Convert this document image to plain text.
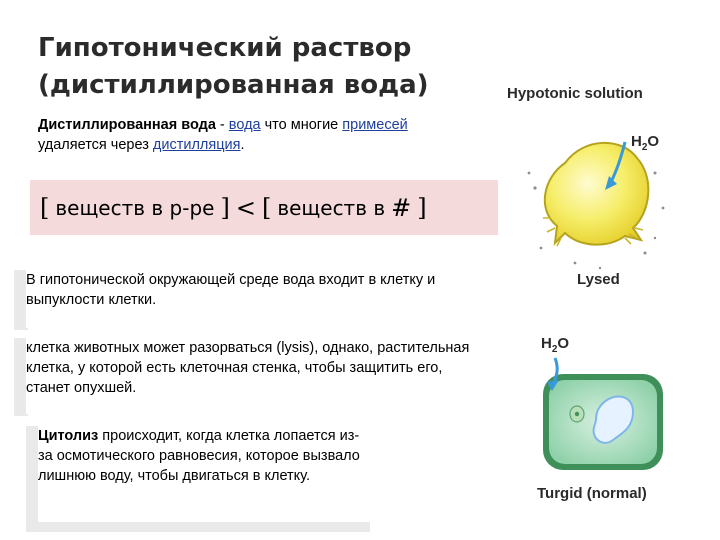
Гипотонический раствор (дистиллированная вода)
Дистиллированная вода - вода что многие примесей
удаляется через дистилляция.
[ веществ в р-ре ] < [ веществ в # ]
В гипотонической окружающей среде вода входит в клетку и выпуклости клетки.
клетка животных может разорваться (lysis), однако, растительная клетка, у которой есть клеточная стенка, чтобы защитить его, станет опухшей.
Цитолиз происходит, когда клетка лопается из-за осмотического равновесия, которое вызвало лишнюю воду, чтобы двигаться в клетку.
Hypotonic solution
$H_2O$
Lysed
$H_2O$
Turgid (normal)
